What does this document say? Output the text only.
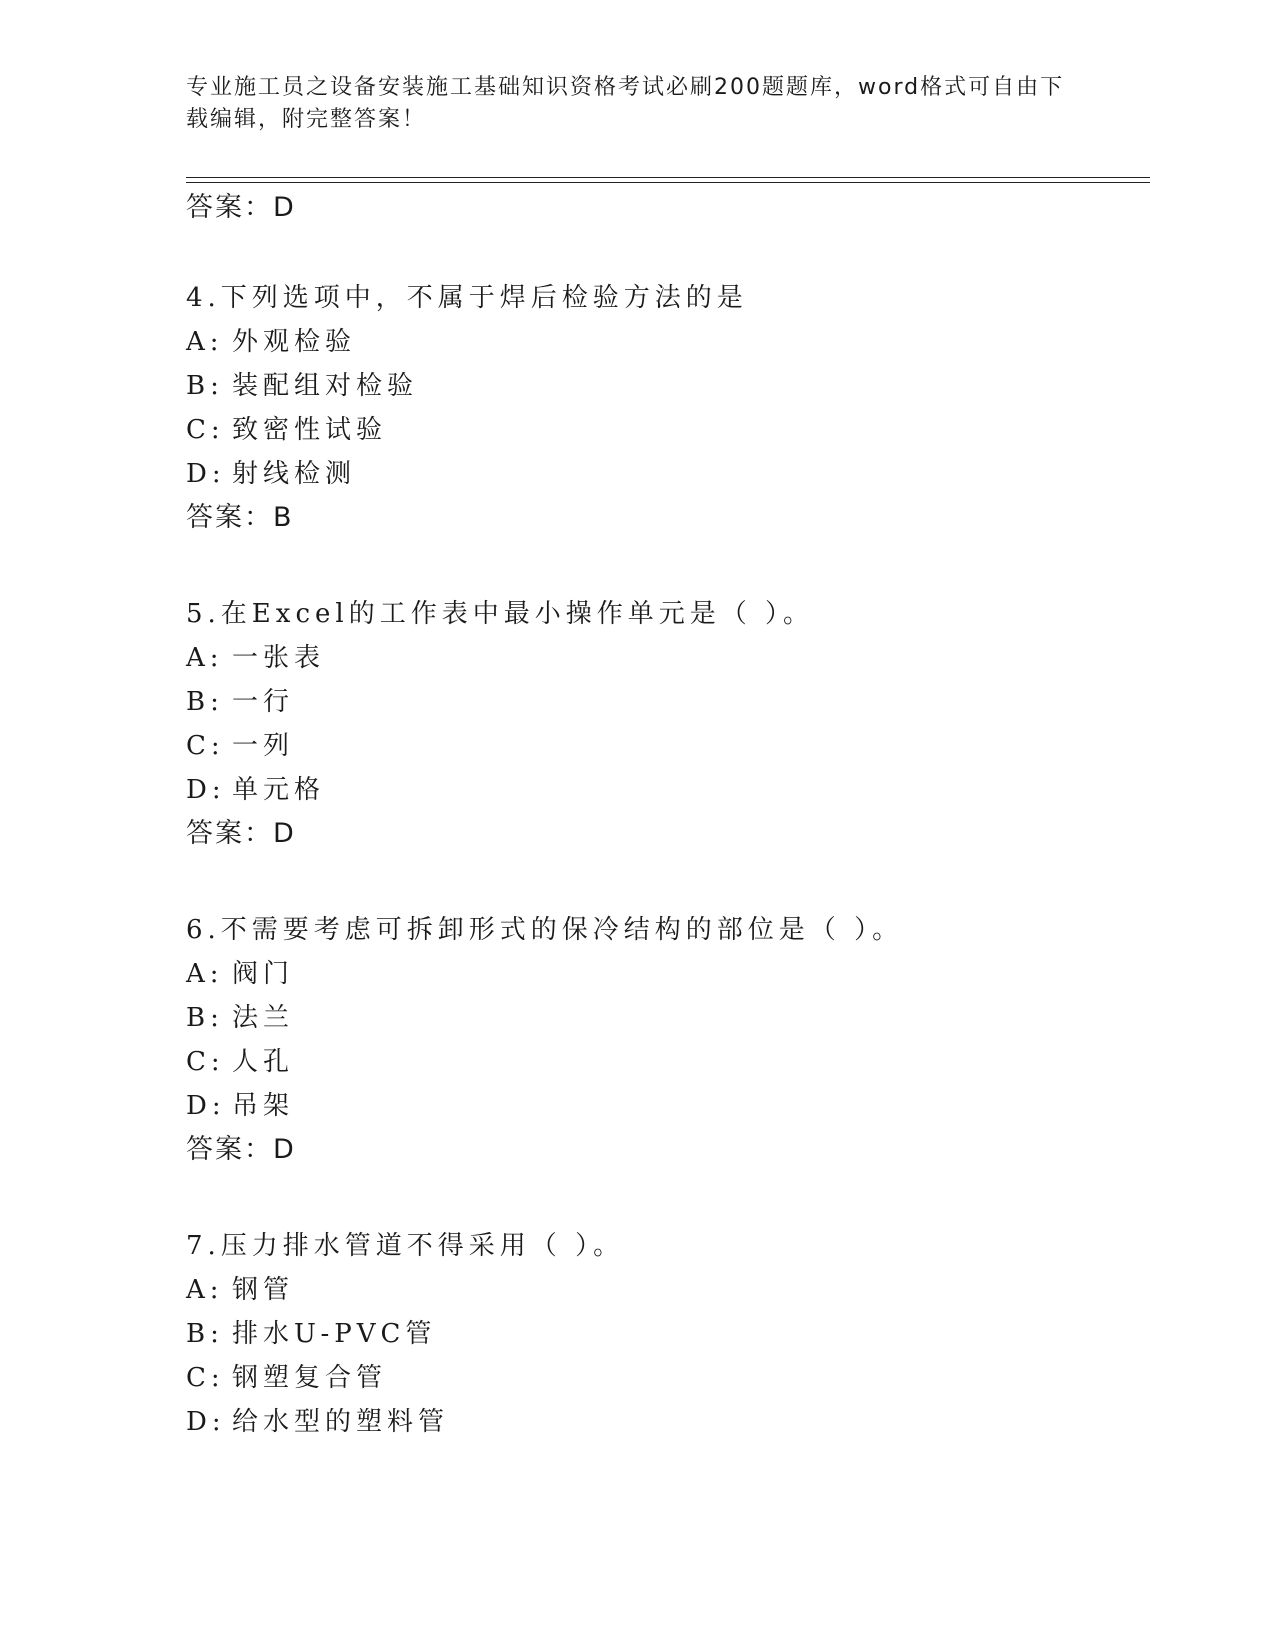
专业施工员之设备安装施工基础知识资格考试必刷200题题库，word格式可自由下载编辑，附完整答案！
答案：D
4.下列选项中，不属于焊后检验方法的是
A: 外观检验
B: 装配组对检验
C: 致密性试验
D: 射线检测
答案：B
5.在Excel的工作表中最小操作单元是（ ）。
A: 一张表
B: 一行
C: 一列
D: 单元格
答案：D
6.不需要考虑可拆卸形式的保冷结构的部位是（ ）。
A: 阀门
B: 法兰
C: 人孔
D: 吊架
答案：D
7.压力排水管道不得采用（ ）。
A: 钢管
B: 排水U-PVC管
C: 钢塑复合管
D: 给水型的塑料管
